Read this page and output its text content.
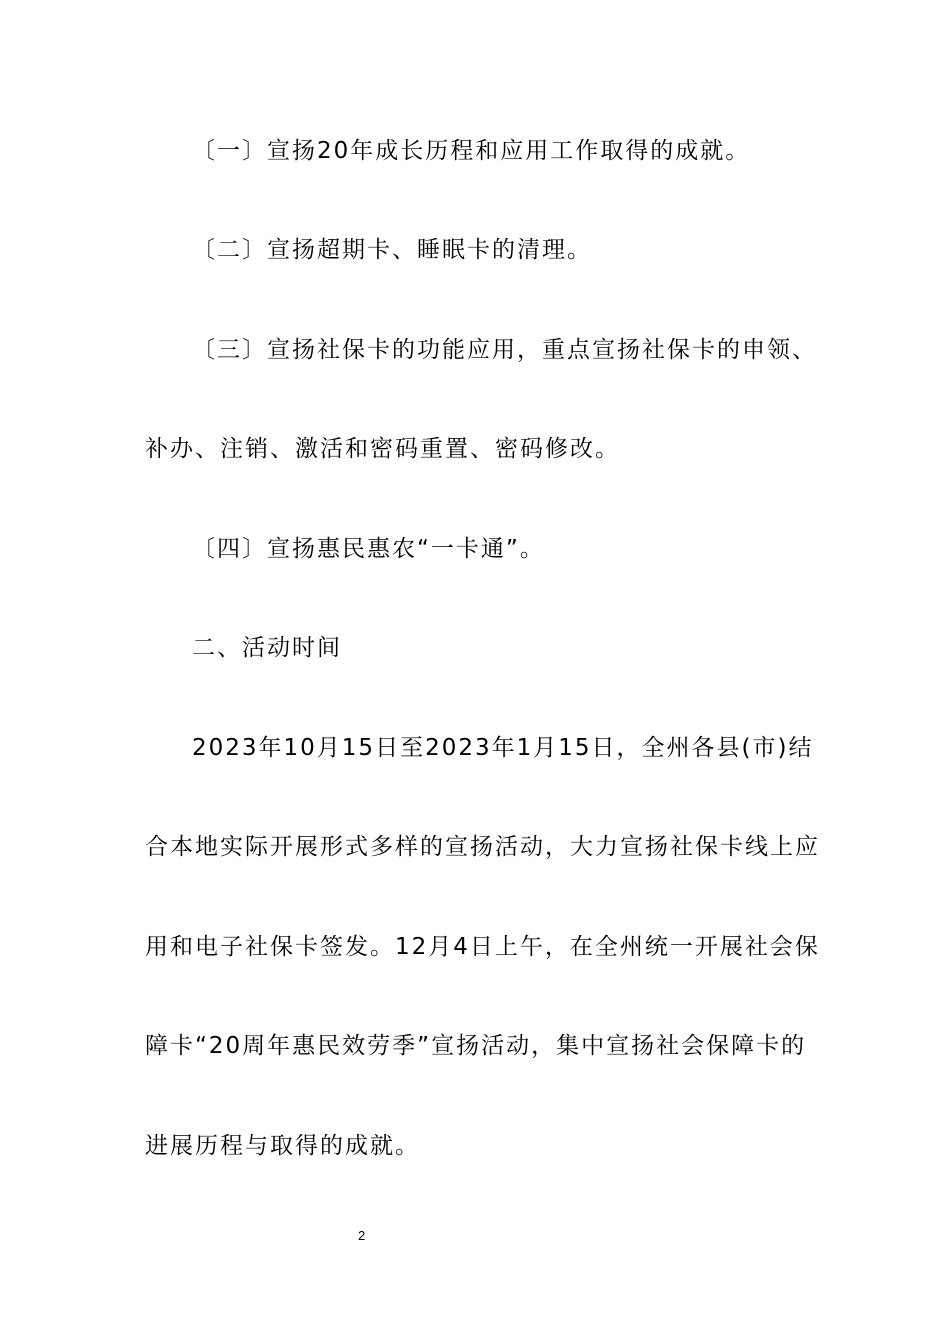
〔一〕宣扬20年成长历程和应用工作取得的成就。
〔二〕宣扬超期卡、睡眠卡的清理。
〔三〕宣扬社保卡的功能应用，重点宣扬社保卡的申领、
补办、注销、激活和密码重置、密码修改。
〔四〕宣扬惠民惠农“一卡通”。
二、活动时间
2023年10月15日至2023年1月15日，全州各县(市)结
合本地实际开展形式多样的宣扬活动，大力宣扬社保卡线上应
用和电子社保卡签发。12月4日上午，在全州统一开展社会保
障卡“20周年惠民效劳季”宣扬活动，集中宣扬社会保障卡的
进展历程与取得的成就。
2
